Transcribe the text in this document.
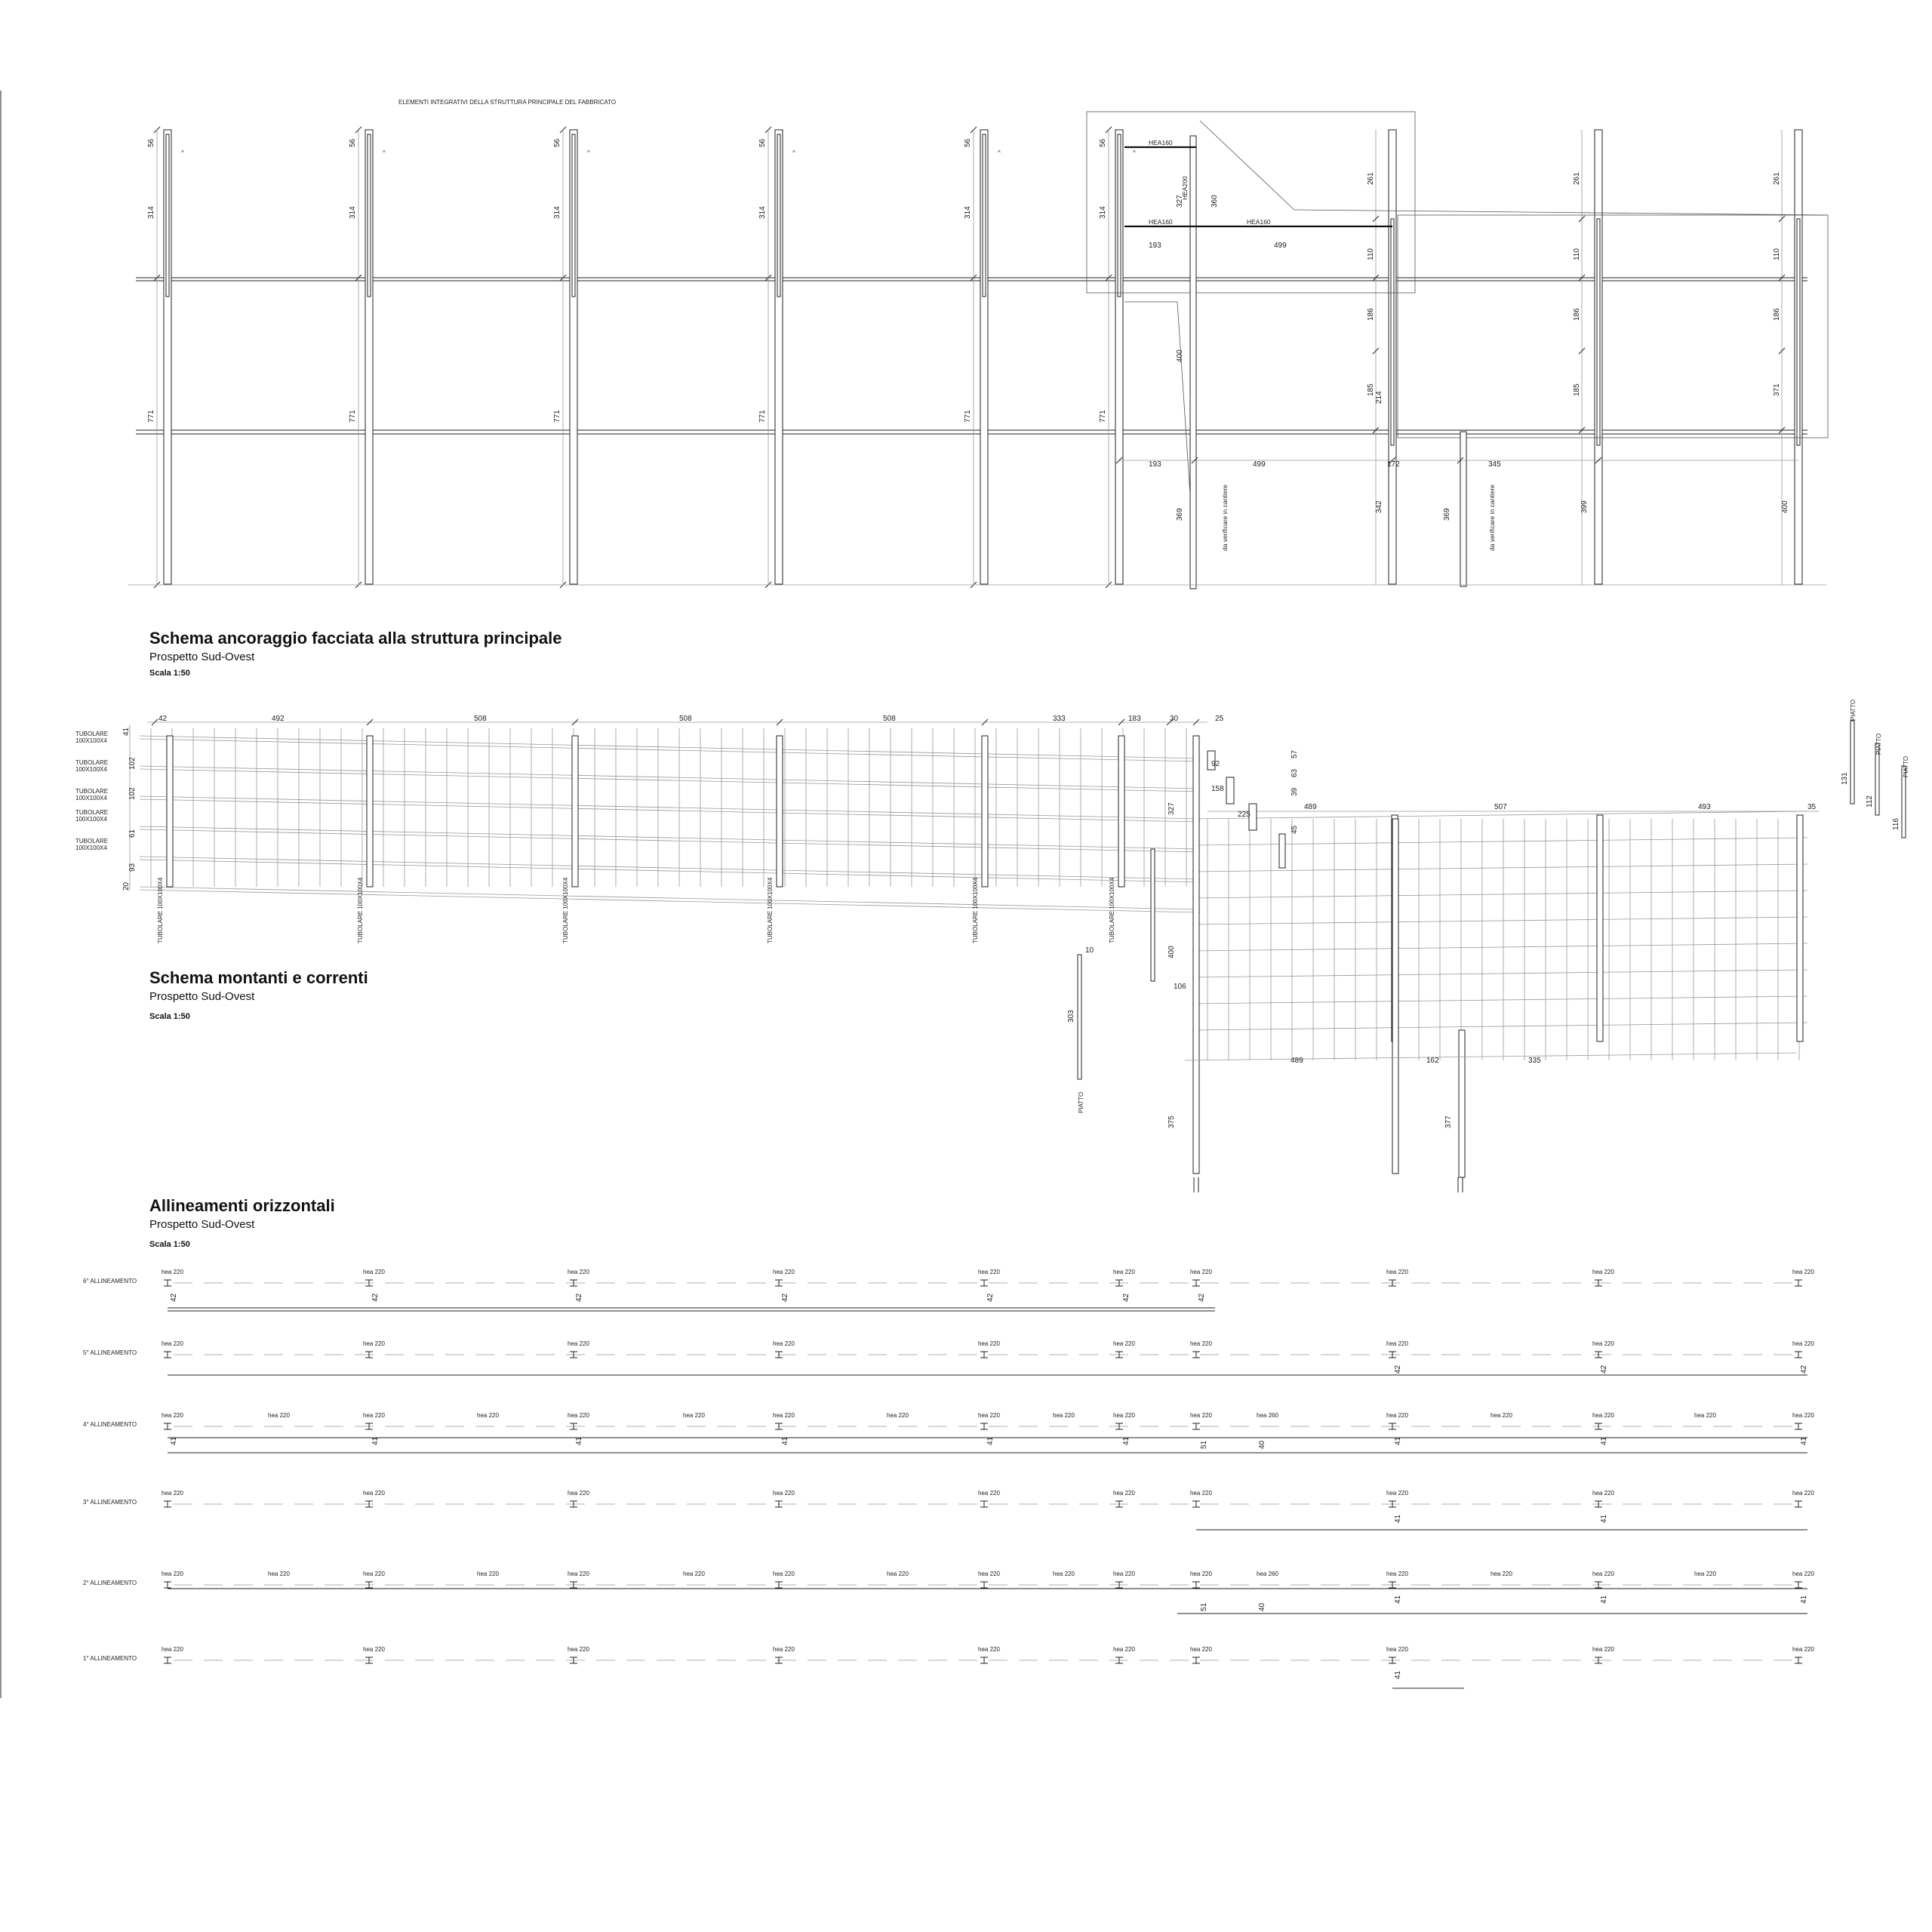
56
314
771
^
56
314
771
^
56
314
771
^
56
314
771
^
56
314
771
^
56
314
771
^
261
110
186
185
261
110
186
185
261
110
186
371
HEA160
HEA200
HEA160	HEA160
193	499
193	499	172	345
327	360
400
369
342
369
399	400
214
da verificare in cantiere	da verificare in cantiere
ELEMENTI INTEGRATIVI DELLA STRUTTURA PRINCIPALE DEL FABBRICATO
Schema ancoraggio facciata alla struttura principale
Prospetto Sud-Ovest
Scala 1:50
TUBOLARE 100X100X4	TUBOLARE 100X100X4	TUBOLARE 100X100X4	TUBOLARE 100X100X4	TUBOLARE 100X100X4	TUBOLARE 100X100X4
42	492	508	508	508	333	183	30	25
489	507	493	35
489	162	335
TUBOLARE
100X100X4
TUBOLARE
100X100X4
TUBOLARE
100X100X4
TUBOLARE
100X100X4
TUBOLARE
100X100X4
41
102
102
61
93
20
92
158
225
57
63
39
45
327
400
106
375	377
PIATTO
PIATTO
PIATTO
PIATTO
131
112
116
303
10
Schema montanti e correnti
Prospetto Sud-Ovest
Scala 1:50
6° ALLINEAMENTO
hea 220	hea 220	hea 220	hea 220	hea 220	hea 220	hea 220	hea 220	hea 220	hea 220
5° ALLINEAMENTO
hea 220	hea 220	hea 220	hea 220	hea 220	hea 220	hea 220	hea 220	hea 220	hea 220
4° ALLINEAMENTO
hea 220	hea 220	hea 220	hea 220	hea 220	hea 220	hea 220	hea 220	hea 220	hea 220
3° ALLINEAMENTO
hea 220	hea 220	hea 220	hea 220	hea 220	hea 220	hea 220	hea 220	hea 220	hea 220
2° ALLINEAMENTO
hea 220	hea 220	hea 220	hea 220	hea 220	hea 220	hea 220	hea 220	hea 220	hea 220
1° ALLINEAMENTO
hea 220	hea 220	hea 220	hea 220	hea 220	hea 220	hea 220	hea 220	hea 220	hea 220
hea 220
hea 220
hea 220
hea 220
hea 220
hea 220
hea 220
hea 220
hea 220
hea 220
hea 220
hea 220
hea 220
hea 220
hea 260
hea 260
42	42	42	42	42	42	42
42	42	42
41	41	41	41	41	41	41	41	41
41	41
41	41	41
41
51	40
51	40
Allineamenti orizzontali
Prospetto Sud-Ovest
Scala 1:50
